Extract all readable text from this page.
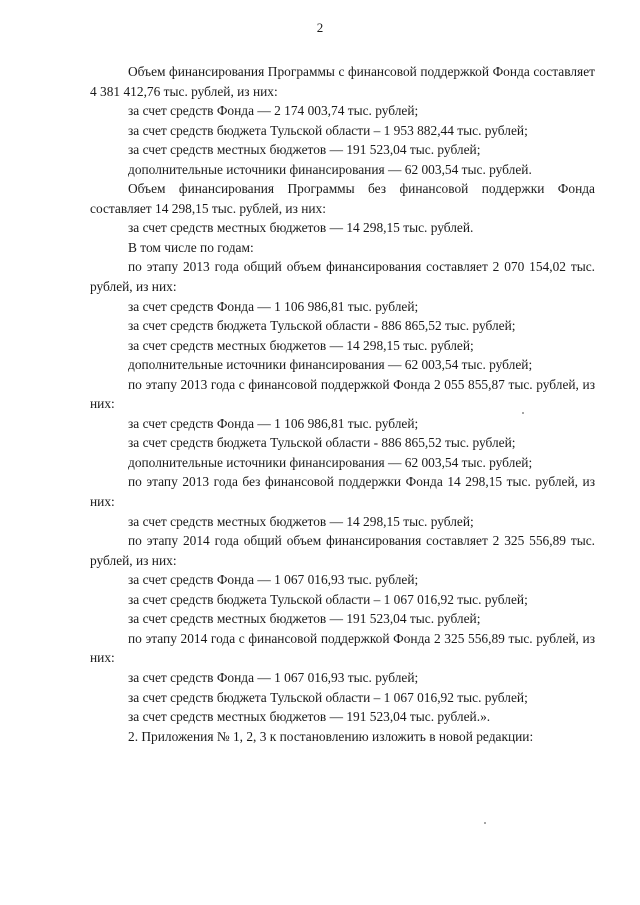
2

Объем финансирования Программы с финансовой поддержкой Фонда составляет 4 381 412,76 тыс. рублей, из них:

за счет средств Фонда — 2 174 003,74 тыс. рублей;

за счет средств бюджета Тульской области – 1 953 882,44 тыс. рублей;

за счет средств местных бюджетов — 191 523,04 тыс. рублей;

дополнительные источники финансирования — 62 003,54 тыс. рублей.

Объем финансирования Программы без финансовой поддержки Фонда составляет 14 298,15 тыс. рублей, из них:

за счет средств местных бюджетов — 14 298,15 тыс. рублей.

В том числе по годам:

по этапу 2013 года общий объем финансирования составляет 2 070 154,02 тыс. рублей, из них:

за счет средств Фонда — 1 106 986,81 тыс. рублей;

за счет средств бюджета Тульской области - 886 865,52 тыс. рублей;

за счет средств местных бюджетов — 14 298,15 тыс. рублей;

дополнительные источники финансирования — 62 003,54 тыс. рублей;

по этапу 2013 года с финансовой поддержкой Фонда 2 055 855,87 тыс. рублей, из них:

за счет средств Фонда — 1 106 986,81 тыс. рублей;

за счет средств бюджета Тульской области - 886 865,52 тыс. рублей;

дополнительные источники финансирования — 62 003,54 тыс. рублей;

по этапу 2013 года без финансовой поддержки Фонда 14 298,15 тыс. рублей, из них:

за счет средств местных бюджетов — 14 298,15 тыс. рублей;

по этапу 2014 года общий объем финансирования составляет 2 325 556,89 тыс. рублей, из них:

за счет средств Фонда — 1 067 016,93 тыс. рублей;

за счет средств бюджета Тульской области – 1 067 016,92 тыс. рублей;

за счет средств местных бюджетов — 191 523,04 тыс. рублей;

по этапу 2014 года с финансовой поддержкой Фонда 2 325 556,89 тыс. рублей, из них:

за счет средств Фонда — 1 067 016,93 тыс. рублей;

за счет средств бюджета Тульской области – 1 067 016,92 тыс. рублей;

за счет средств местных бюджетов — 191 523,04 тыс. рублей.».

2. Приложения № 1, 2, 3 к постановлению изложить в новой редакции:
